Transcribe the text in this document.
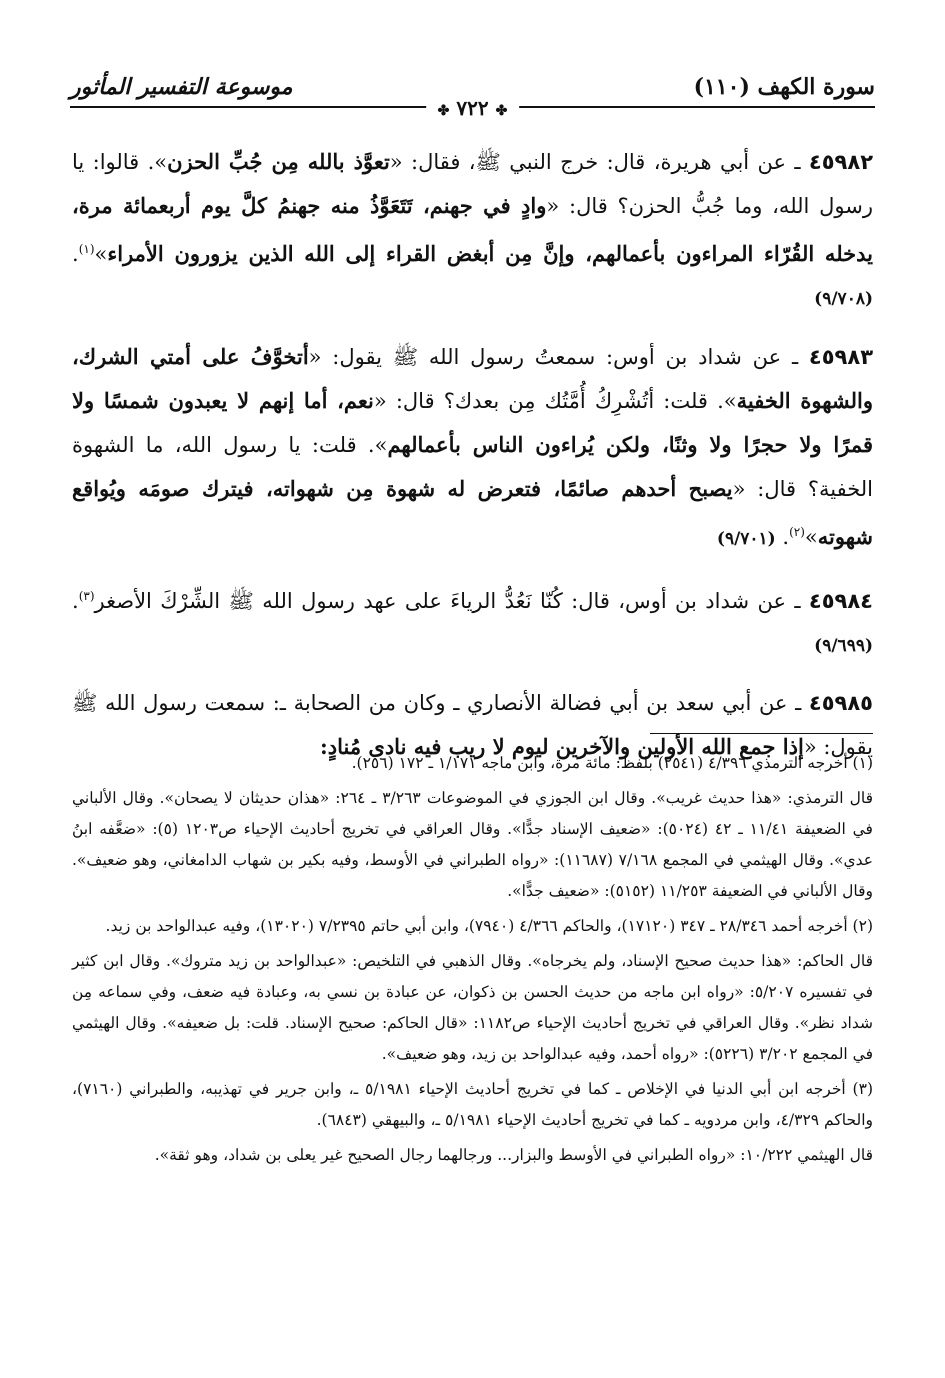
سورة الكهف (١١٠)
موسوعة التفسير المأثور
✤ ٧٢٢ ✤

٤٥٩٨٢ ـ عن أبي هريرة، قال: خرج النبي ﷺ، فقال: «تعوَّذ بالله مِن جُبِّ الحزن». قالوا: يا رسول الله، وما جُبُّ الحزن؟ قال: «وادٍ في جهنم، تَتَعَوَّذُ منه جهنمُ كلَّ يوم أربعمائة مرة، يدخله القُرّاء المراءون بأعمالهم، وإنَّ مِن أبغض القراء إلى الله الذين يزورون الأمراء»$^{(١)}$. (٩/٧٠٨)

٤٥٩٨٣ ـ عن شداد بن أوس: سمعتُ رسول الله ﷺ يقول: «أتخوَّفُ على أمتي الشرك، والشهوة الخفية». قلت: أتُشْرِكُ أُمَّتُك مِن بعدك؟ قال: «نعم، أما إنهم لا يعبدون شمسًا ولا قمرًا ولا حجرًا ولا وثنًا، ولكن يُراءون الناس بأعمالهم». قلت: يا رسول الله، ما الشهوة الخفية؟ قال: «يصبح أحدهم صائمًا، فتعرض له شهوة مِن شهواته، فيترك صومَه ويُواقع شهوته»$^{(٢)}$. (٩/٧٠١)

٤٥٩٨٤ ـ عن شداد بن أوس، قال: كُنّا نَعُدُّ الرياءَ على عهد رسول الله ﷺ الشِّرْكَ الأصغر$^{(٣)}$. (٩/٦٩٩)

٤٥٩٨٥ ـ عن أبي سعد بن أبي فضالة الأنصاري ـ وكان من الصحابة ـ: سمعت رسول الله ﷺ يقول: «إذا جمع الله الأولين والآخرين ليوم لا ريب فيه نادى مُنادٍ:

(١) أخرجه الترمذي ٤/٣٩٦ (٢٥٤١) بلفظ: مائة مرة، وابن ماجه ١/١٧١ ـ ١٧٢ (٢٥٦).

قال الترمذي: «هذا حديث غريب». وقال ابن الجوزي في الموضوعات ٣/٢٦٣ ـ ٢٦٤: «هذان حديثان لا يصحان». وقال الألباني في الضعيفة ١١/٤١ ـ ٤٢ (٥٠٢٤): «ضعيف الإسناد جدًّا». وقال العراقي في تخريج أحاديث الإحياء ص١٢٠٣ (٥): «ضعَّفه ابنُ عدي». وقال الهيثمي في المجمع ٧/١٦٨ (١١٦٨٧): «رواه الطبراني في الأوسط، وفيه بكير بن شهاب الدامغاني، وهو ضعيف». وقال الألباني في الضعيفة ١١/٢٥٣ (٥١٥٢): «ضعيف جدًّا».

(٢) أخرجه أحمد ٢٨/٣٤٦ ـ ٣٤٧ (١٧١٢٠)، والحاكم ٤/٣٦٦ (٧٩٤٠)، وابن أبي حاتم ٧/٢٣٩٥ (١٣٠٢٠)، وفيه عبدالواحد بن زيد.

قال الحاكم: «هذا حديث صحيح الإسناد، ولم يخرجاه». وقال الذهبي في التلخيص: «عبدالواحد بن زيد متروك». وقال ابن كثير في تفسيره ٥/٢٠٧: «رواه ابن ماجه من حديث الحسن بن ذكوان، عن عبادة بن نسي به، وعبادة فيه ضعف، وفي سماعه مِن شداد نظر». وقال العراقي في تخريج أحاديث الإحياء ص١١٨٢: «قال الحاكم: صحيح الإسناد. قلت: بل ضعيفه». وقال الهيثمي في المجمع ٣/٢٠٢ (٥٢٢٦): «رواه أحمد، وفيه عبدالواحد بن زيد، وهو ضعيف».

(٣) أخرجه ابن أبي الدنيا في الإخلاص ـ كما في تخريج أحاديث الإحياء ٥/١٩٨١ ـ، وابن جرير في تهذيبه، والطبراني (٧١٦٠)، والحاكم ٤/٣٢٩، وابن مردويه ـ كما في تخريج أحاديث الإحياء ٥/١٩٨١ ـ، والبيهقي (٦٨٤٣).

قال الهيثمي ١٠/٢٢٢: «رواه الطبراني في الأوسط والبزار... ورجالهما رجال الصحيح غير يعلى بن شداد، وهو ثقة».
